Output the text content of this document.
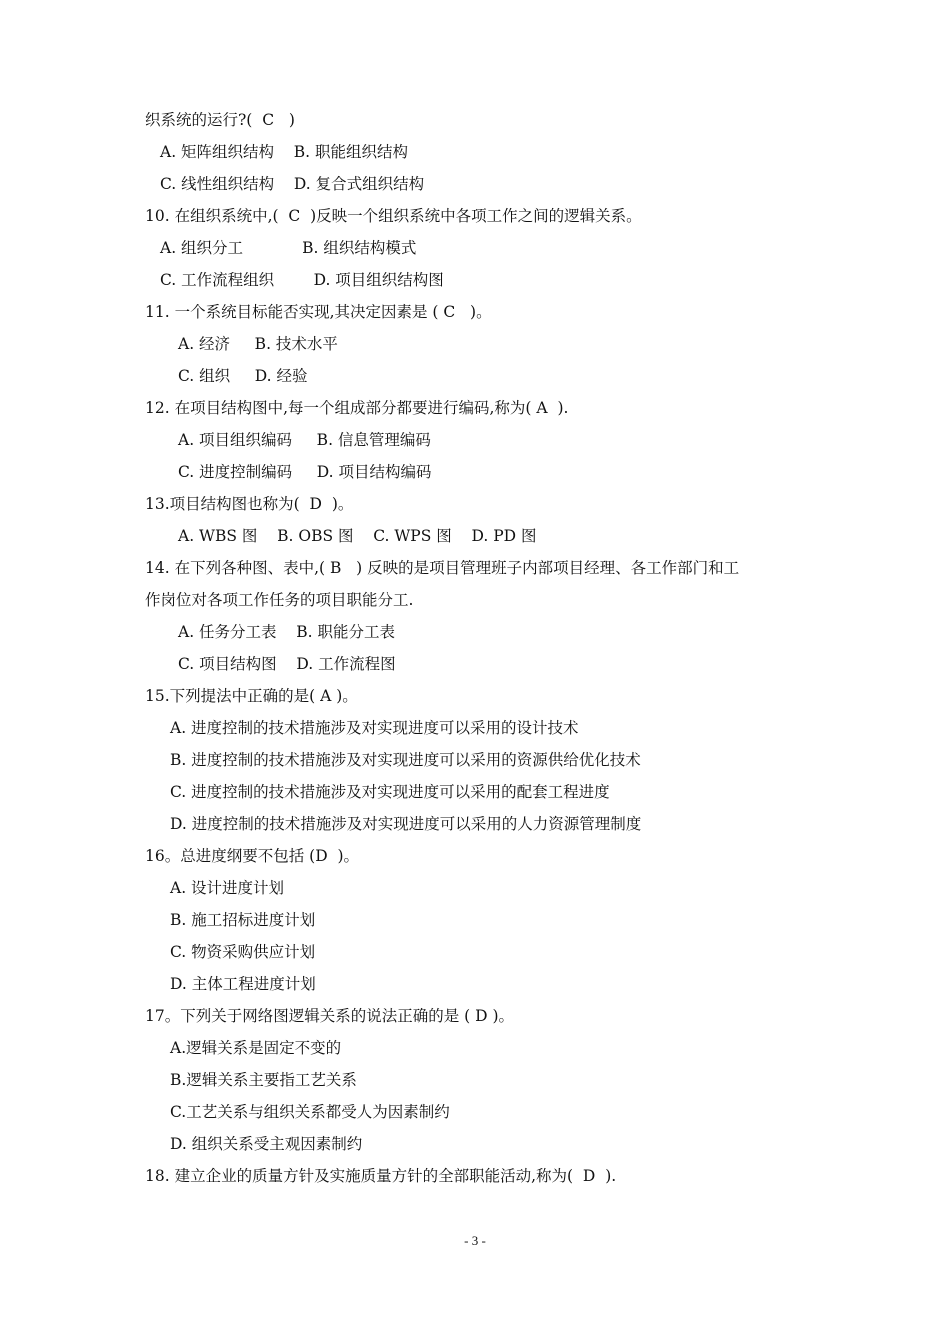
织系统的运行?(  C   )
A. 矩阵组织结构    B. 职能组织结构
C. 线性组织结构    D. 复合式组织结构
10. 在组织系统中,(  C  )反映一个组织系统中各项工作之间的逻辑关系。
A. 组织分工            B. 组织结构模式
C. 工作流程组织        D. 项目组织结构图
11. 一个系统目标能否实现,其决定因素是 ( C   )。
A. 经济     B. 技术水平
C. 组织     D. 经验
12. 在项目结构图中,每一个组成部分都要进行编码,称为( A  ).
A. 项目组织编码     B. 信息管理编码
C. 进度控制编码     D. 项目结构编码
13.项目结构图也称为(  D  )。
A. WBS 图    B. OBS 图    C. WPS 图    D. PD 图
14. 在下列各种图、表中,( B   ) 反映的是项目管理班子内部项目经理、各工作部门和工
作岗位对各项工作任务的项目职能分工.
A. 任务分工表    B. 职能分工表
C. 项目结构图    D. 工作流程图
15.下列提法中正确的是( A )。
A. 进度控制的技术措施涉及对实现进度可以采用的设计技术
B. 进度控制的技术措施涉及对实现进度可以采用的资源供给优化技术
C. 进度控制的技术措施涉及对实现进度可以采用的配套工程进度
D. 进度控制的技术措施涉及对实现进度可以采用的人力资源管理制度
16。总进度纲要不包括 (D  )。
A. 设计进度计划
B. 施工招标进度计划
C. 物资采购供应计划
D. 主体工程进度计划
17。下列关于网络图逻辑关系的说法正确的是 ( D )。
A.逻辑关系是固定不变的
B.逻辑关系主要指工艺关系
C.工艺关系与组织关系都受人为因素制约
D. 组织关系受主观因素制约
18. 建立企业的质量方针及实施质量方针的全部职能活动,称为(  D  ).
- 3 -
